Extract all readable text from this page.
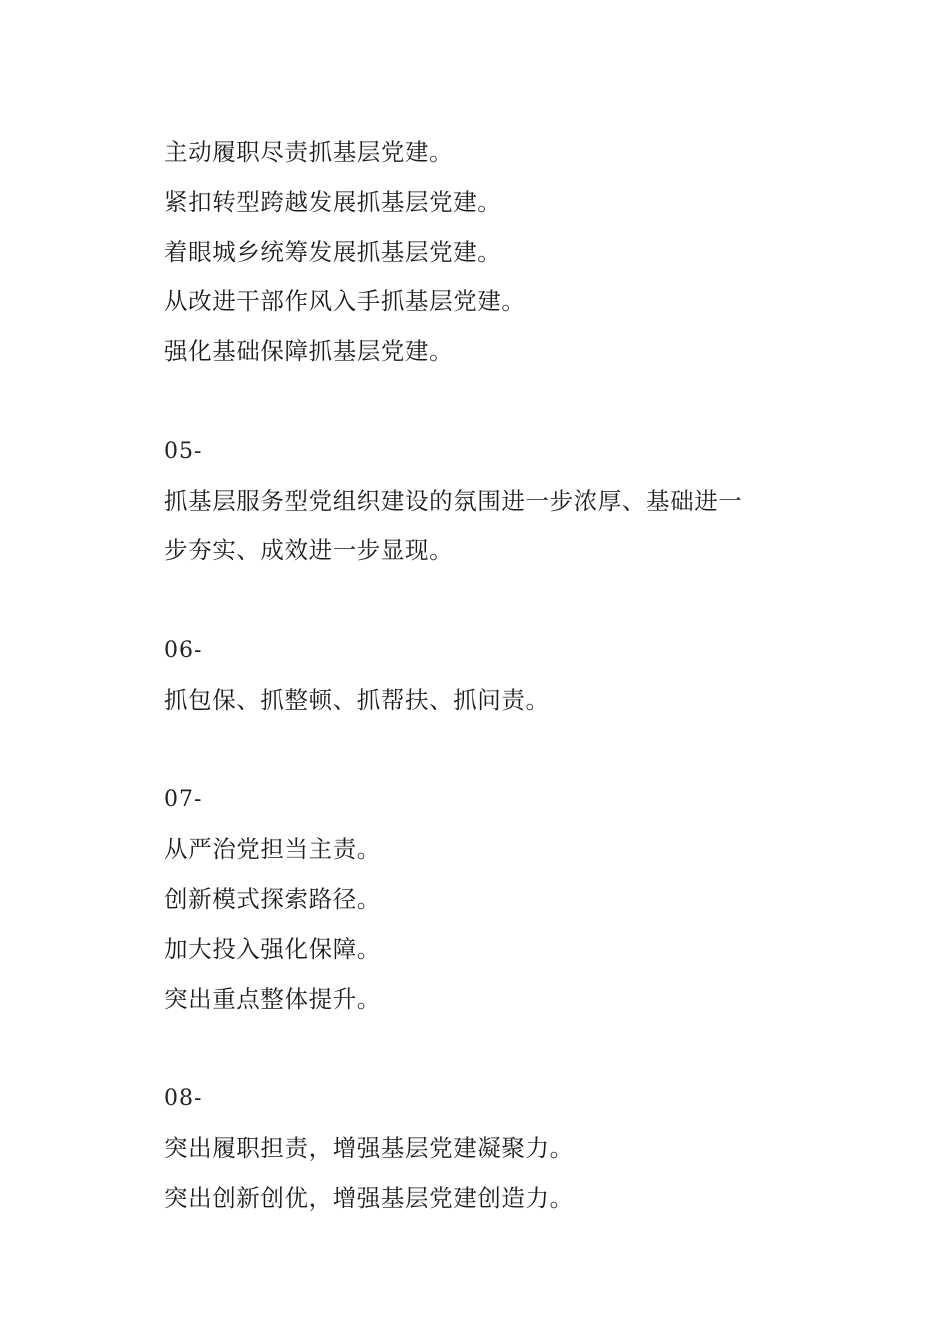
主动履职尽责抓基层党建。
紧扣转型跨越发展抓基层党建。
着眼城乡统筹发展抓基层党建。
从改进干部作风入手抓基层党建。
强化基础保障抓基层党建。
05-
抓基层服务型党组织建设的氛围进一步浓厚、基础进一
步夯实、成效进一步显现。
06-
抓包保、抓整顿、抓帮扶、抓问责。
07-
从严治党担当主责。
创新模式探索路径。
加大投入强化保障。
突出重点整体提升。
08-
突出履职担责，增强基层党建凝聚力。
突出创新创优，增强基层党建创造力。
